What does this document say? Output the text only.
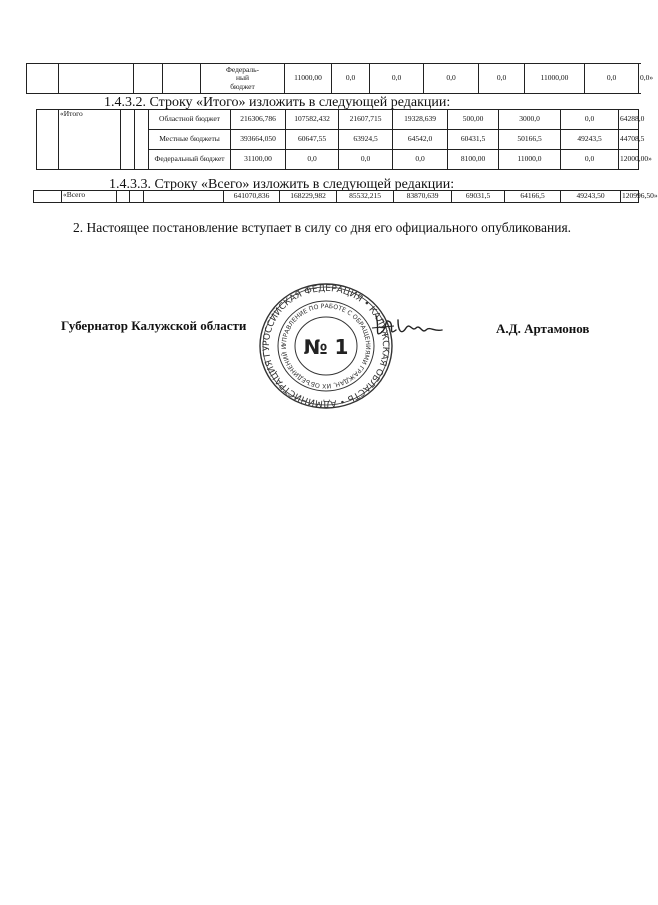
				Федераль-
ный
бюджет	11000,00	0,0	0,0	0,0	0,0	11000,00	0,0	0,0»
1.4.3.2. Строку «Итого» изложить в следующей редакции:
	«Итого			Областной бюджет	216306,786	107582,432	21607,715	19328,639	500,00	3000,0	0,0	64288,0
				Местные бюджеты	393664,050	60647,55	63924,5	64542,0	60431,5	50166,5	49243,5	44708,5
				Федеральный бюджет	31100,00	0,0	0,0	0,0	8100,00	11000,0	0,0	12000,00»
1.4.3.3. Строку «Всего» изложить в следующей редакции:
	«Всего				641070,836	168229,982	85532,215	83870,639	69031,5	64166,5	49243,50	120996,50»
2. Настоящее постановление вступает в силу со дня его официального опубликования.
Губернатор Калужской области	А.Д. Артамонов
РОССИЙСКАЯ ФЕДЕРАЦИЯ • КАЛУЖСКАЯ ОБЛАСТЬ • АДМИНИСТРАЦИЯ ГУ
УПРАВЛЕНИЕ ПО РАБОТЕ С ОБРАЩЕНИЯМИ ГРАЖДАН, ИХ ОБЪЕДИНЕНИЙ И № 1
